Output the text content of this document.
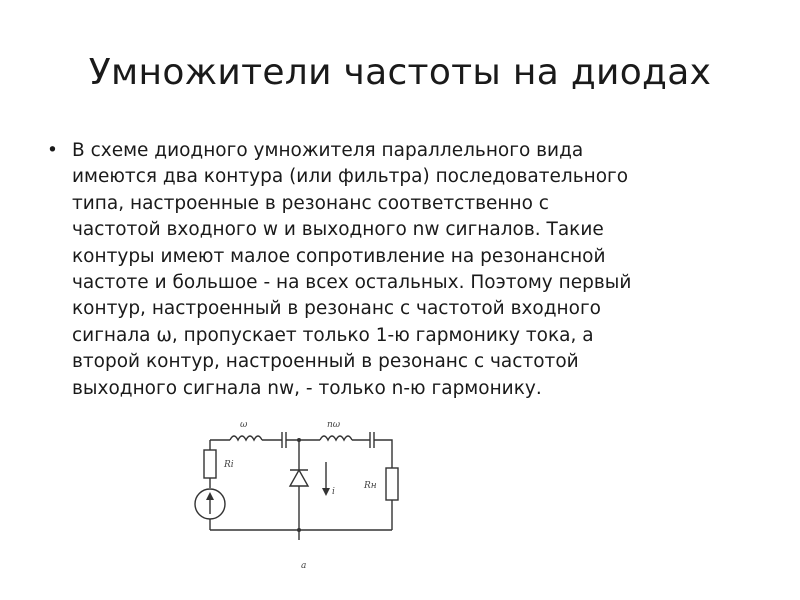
Умножители частоты на диодах
• В схеме диодного умножителя параллельного вида
имеются два контура (или фильтра) последовательного
типа, настроенные в резонанс соответственно с
частотой входного w и выходного nw сигналов. Такие
контуры имеют малое сопротивление на резонансной
частоте и большое - на всех остальных. Поэтому первый
контур, настроенный в резонанс с частотой входного
сигнала ω, пропускает только 1-ю гармонику тока, а
второй контур, настроенный в резонанс с частотой
выходного сигнала nw, - только n-ю гармонику.
ω	nω
Ri
Rн
i
a
